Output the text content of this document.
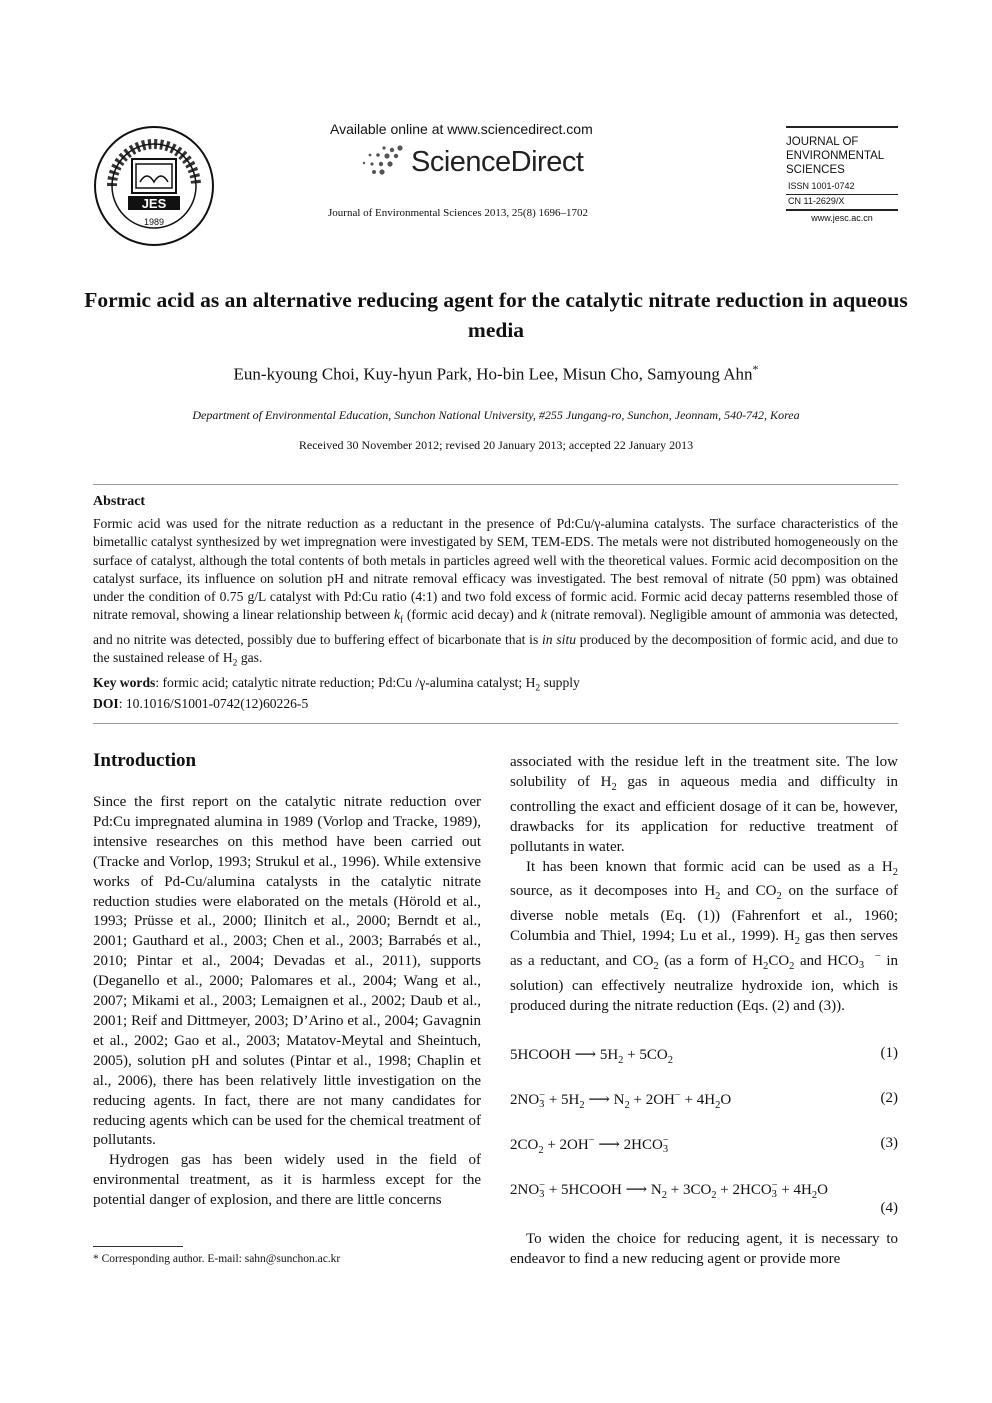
JES
1989
Available online at www.sciencedirect.com
ScienceDirect
Journal of Environmental Sciences 2013, 25(8) 1696–1702
JOURNAL OF
ENVIRONMENTAL
SCIENCES
ISSN 1001-0742
CN 11-2629/X
www.jesc.ac.cn
Formic acid as an alternative reducing agent for the catalytic nitrate reduction in aqueous media
Eun-kyoung Choi, Kuy-hyun Park, Ho-bin Lee, Misun Cho, Samyoung Ahn*
Department of Environmental Education, Sunchon National University, #255 Jungang-ro, Sunchon, Jeonnam, 540-742, Korea
Received 30 November 2012; revised 20 January 2013; accepted 22 January 2013
Abstract
Formic acid was used for the nitrate reduction as a reductant in the presence of Pd:Cu/γ-alumina catalysts. The surface characteristics of the bimetallic catalyst synthesized by wet impregnation were investigated by SEM, TEM-EDS. The metals were not distributed homogeneously on the surface of catalyst, although the total contents of both metals in particles agreed well with the theoretical values. Formic acid decomposition on the catalyst surface, its influence on solution pH and nitrate removal efficacy was investigated. The best removal of nitrate (50 ppm) was obtained under the condition of 0.75 g/L catalyst with Pd:Cu ratio (4:1) and two fold excess of formic acid. Formic acid decay patterns resembled those of nitrate removal, showing a linear relationship between $k_f$ (formic acid decay) and k (nitrate removal). Negligible amount of ammonia was detected, and no nitrite was detected, possibly due to buffering effect of bicarbonate that is in situ produced by the decomposition of formic acid, and due to the sustained release of $H_2$ gas.
Key words: formic acid; catalytic nitrate reduction; Pd:Cu /γ-alumina catalyst; $H_2$ supply
DOI: 10.1016/S1001-0742(12)60226-5
Introduction

Since the first report on the catalytic nitrate reduction over Pd:Cu impregnated alumina in 1989 (Vorlop and Tracke, 1989), intensive researches on this method have been carried out (Tracke and Vorlop, 1993; Strukul et al., 1996). While extensive works of Pd-Cu/alumina catalysts in the catalytic nitrate reduction studies were elaborated on the metals (Hörold et al., 1993; Prüsse et al., 2000; Ilinitch et al., 2000; Berndt et al., 2001; Gauthard et al., 2003; Chen et al., 2003; Barrabés et al., 2010; Pintar et al., 2004; Devadas et al., 2011), supports (Deganello et al., 2000; Palomares et al., 2004; Wang et al., 2007; Mikami et al., 2003; Lemaignen et al., 2002; Daub et al., 2001; Reif and Dittmeyer, 2003; D’Arino et al., 2004; Gavagnin et al., 2002; Gao et al., 2003; Matatov-Meytal and Sheintuch, 2005), solution pH and solutes (Pintar et al., 1998; Chaplin et al., 2006), there has been relatively little investigation on the reducing agents. In fact, there are not many candidates for reducing agents which can be used for the chemical treatment of pollutants.

Hydrogen gas has been widely used in the field of environmental treatment, as it is harmless except for the potential danger of explosion, and there are little concerns

associated with the residue left in the treatment site. The low solubility of $H_2$ gas in aqueous media and difficulty in controlling the exact and efficient dosage of it can be, however, drawbacks for its application for reductive treatment of pollutants in water.

It has been known that formic acid can be used as a $H_2$ source, as it decomposes into $H_2$ and $CO_2$ on the surface of diverse noble metals (Eq. (1)) (Fahrenfort et al., 1960; Columbia and Thiel, 1994; Lu et al., 1999). $H_2$ gas then serves as a reductant, and $CO_2$ (as a form of $H_2CO_2$ and HCO −
3 in solution) can effectively neutralize hydroxide ion, which is produced during the nitrate reduction (Eqs. (2) and (3)).

5HCOOH ⟶ $5H_2 + 5CO_2$	(1)
2NO−
$3 + 5H_2$ ⟶ $N_2 + 2OH^- + 4H_2O$	(2)
$2CO_2 + 2OH^-$ ⟶ 2HCO−
3	(3)
2NO−
3 + 5HCOOH ⟶ $N_2 + 3CO_2 + 2HCO-$
$3 + 4H_2O$
(4)

To widen the choice for reducing agent, it is necessary to endeavor to find a new reducing agent or provide more

* Corresponding author. E-mail: sahn@sunchon.ac.kr
